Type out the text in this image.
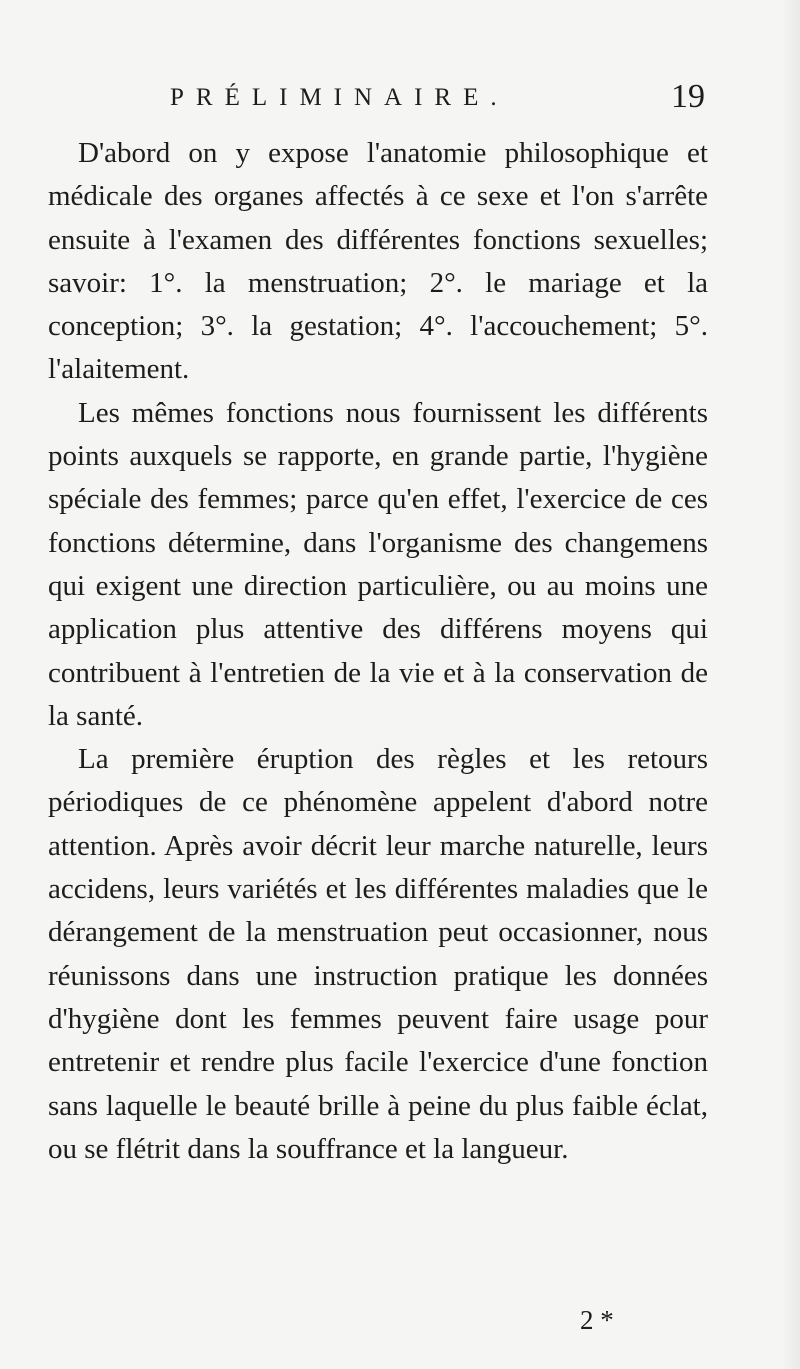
PRÉLIMINAIRE.	19

D'abord on y expose l'anatomie philosophique et médicale des organes affectés à ce sexe et l'on s'arrête ensuite à l'examen des différentes fonctions sexuelles; savoir: 1°. la menstruation; 2°. le mariage et la conception; 3°. la gestation; 4°. l'accouchement; 5°. l'alaitement.

Les mêmes fonctions nous fournissent les différents points auxquels se rapporte, en grande partie, l'hygiène spéciale des femmes; parce qu'en effet, l'exercice de ces fonctions détermine, dans l'organisme des changemens qui exigent une direction particulière, ou au moins une application plus attentive des différens moyens qui contribuent à l'entretien de la vie et à la conservation de la santé.

La première éruption des règles et les retours périodiques de ce phénomène appelent d'abord notre attention. Après avoir décrit leur marche naturelle, leurs accidens, leurs variétés et les différentes maladies que le dérangement de la menstruation peut occasionner, nous réunissons dans une instruction pratique les données d'hygiène dont les femmes peuvent faire usage pour entretenir et rendre plus facile l'exercice d'une fonction sans laquelle le beauté brille à peine du plus faible éclat, ou se flétrit dans la souffrance et la langueur.

2 *
